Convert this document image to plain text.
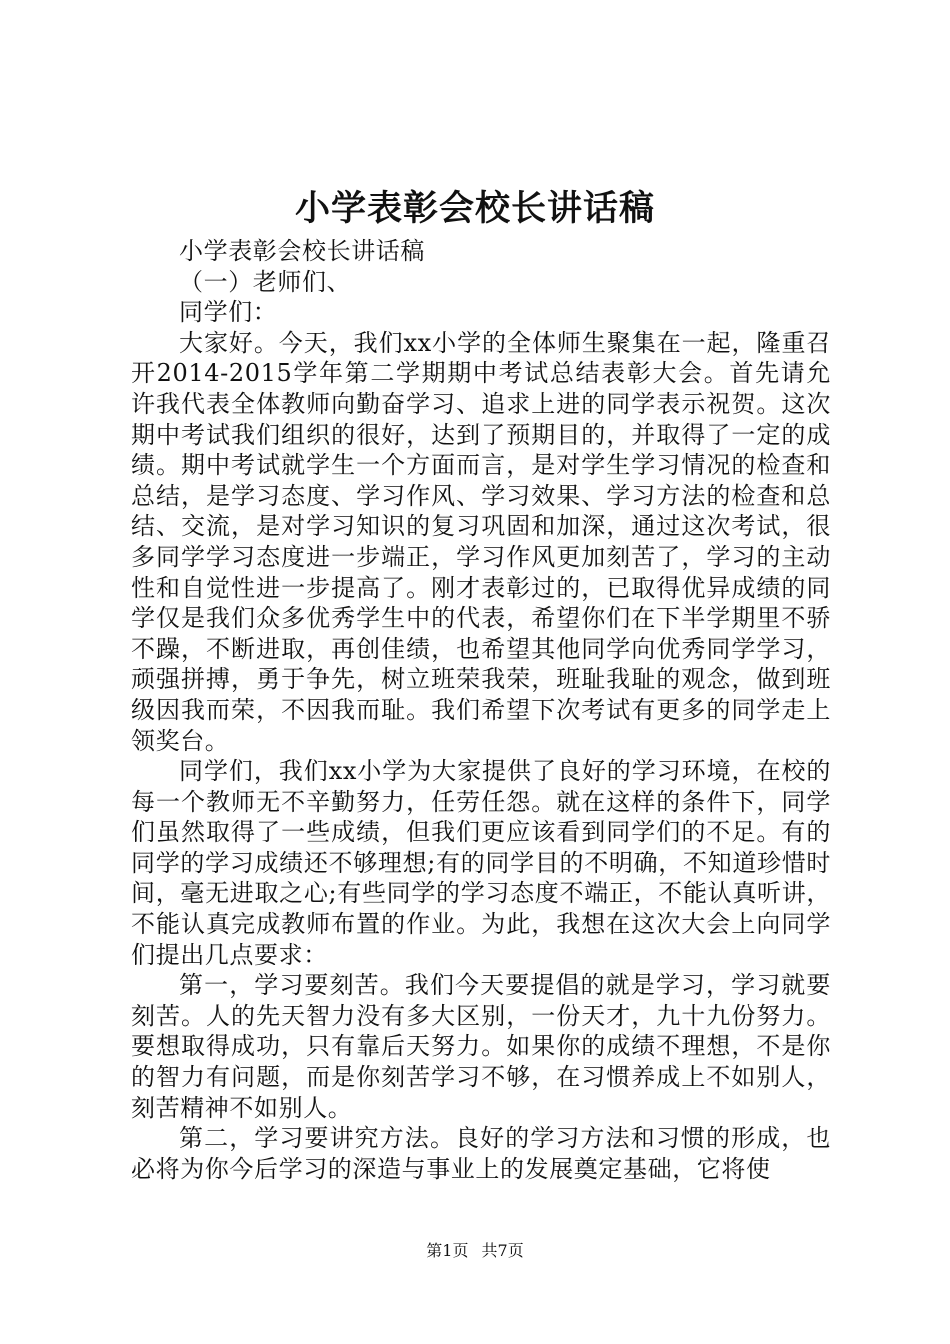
小学表彰会校长讲话稿

小学表彰会校长讲话稿

（一）老师们、

同学们：

大家好。今天，我们xx小学的全体师生聚集在一起，隆重召开2014-2015学年第二学期期中考试总结表彰大会。首先请允许我代表全体教师向勤奋学习、追求上进的同学表示祝贺。这次期中考试我们组织的很好，达到了预期目的，并取得了一定的成绩。期中考试就学生一个方面而言，是对学生学习情况的检查和总结，是学习态度、学习作风、学习效果、学习方法的检查和总结、交流，是对学习知识的复习巩固和加深，通过这次考试，很多同学学习态度进一步端正，学习作风更加刻苦了，学习的主动性和自觉性进一步提高了。刚才表彰过的，已取得优异成绩的同学仅是我们众多优秀学生中的代表，希望你们在下半学期里不骄不躁，不断进取，再创佳绩，也希望其他同学向优秀同学学习，顽强拼搏，勇于争先，树立班荣我荣，班耻我耻的观念，做到班级因我而荣，不因我而耻。我们希望下次考试有更多的同学走上领奖台。

同学们，我们xx小学为大家提供了良好的学习环境，在校的每一个教师无不辛勤努力，任劳任怨。就在这样的条件下，同学们虽然取得了一些成绩，但我们更应该看到同学们的不足。有的同学的学习成绩还不够理想;有的同学目的不明确，不知道珍惜时间，毫无进取之心;有些同学的学习态度不端正，不能认真听讲，不能认真完成教师布置的作业。为此，我想在这次大会上向同学们提出几点要求：

第一，学习要刻苦。我们今天要提倡的就是学习，学习就要刻苦。人的先天智力没有多大区别，一份天才，九十九份努力。要想取得成功，只有靠后天努力。如果你的成绩不理想，不是你的智力有问题，而是你刻苦学习不够，在习惯养成上不如别人，刻苦精神不如别人。

第二，学习要讲究方法。良好的学习方法和习惯的形成，也必将为你今后学习的深造与事业上的发展奠定基础，它将使

第1页 共7页
